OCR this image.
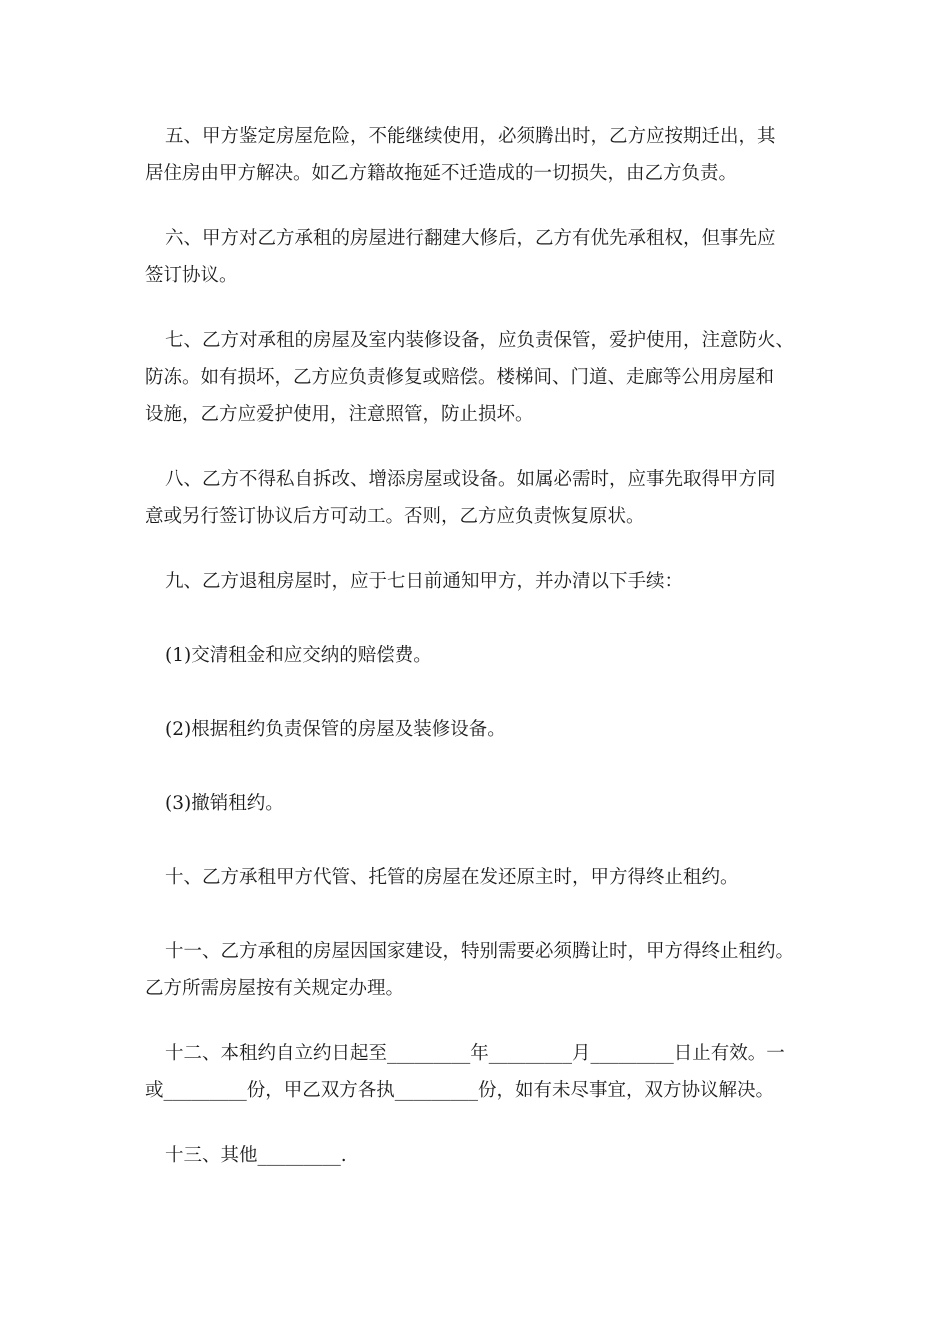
五、甲方鉴定房屋危险，不能继续使用，必须腾出时，乙方应按期迁出，其
居住房由甲方解决。如乙方籍故拖延不迁造成的一切损失，由乙方负责。

六、甲方对乙方承租的房屋进行翻建大修后，乙方有优先承租权，但事先应
签订协议。

七、乙方对承租的房屋及室内装修设备，应负责保管，爱护使用，注意防火、
防冻。如有损坏，乙方应负责修复或赔偿。楼梯间、门道、走廊等公用房屋和
设施，乙方应爱护使用，注意照管，防止损坏。

八、乙方不得私自拆改、增添房屋或设备。如属必需时，应事先取得甲方同
意或另行签订协议后方可动工。否则，乙方应负责恢复原状。

九、乙方退租房屋时，应于七日前通知甲方，并办清以下手续：

(1)交清租金和应交纳的赔偿费。

(2)根据租约负责保管的房屋及装修设备。

(3)撤销租约。

十、乙方承租甲方代管、托管的房屋在发还原主时，甲方得终止租约。

十一、乙方承租的房屋因国家建设，特别需要必须腾让时，甲方得终止租约。
乙方所需房屋按有关规定办理。

十二、本租约自立约日起至_________年_________月_________日止有效。一
或_________份，甲乙双方各执_________份，如有未尽事宜，双方协议解决。

十三、其他_________.
